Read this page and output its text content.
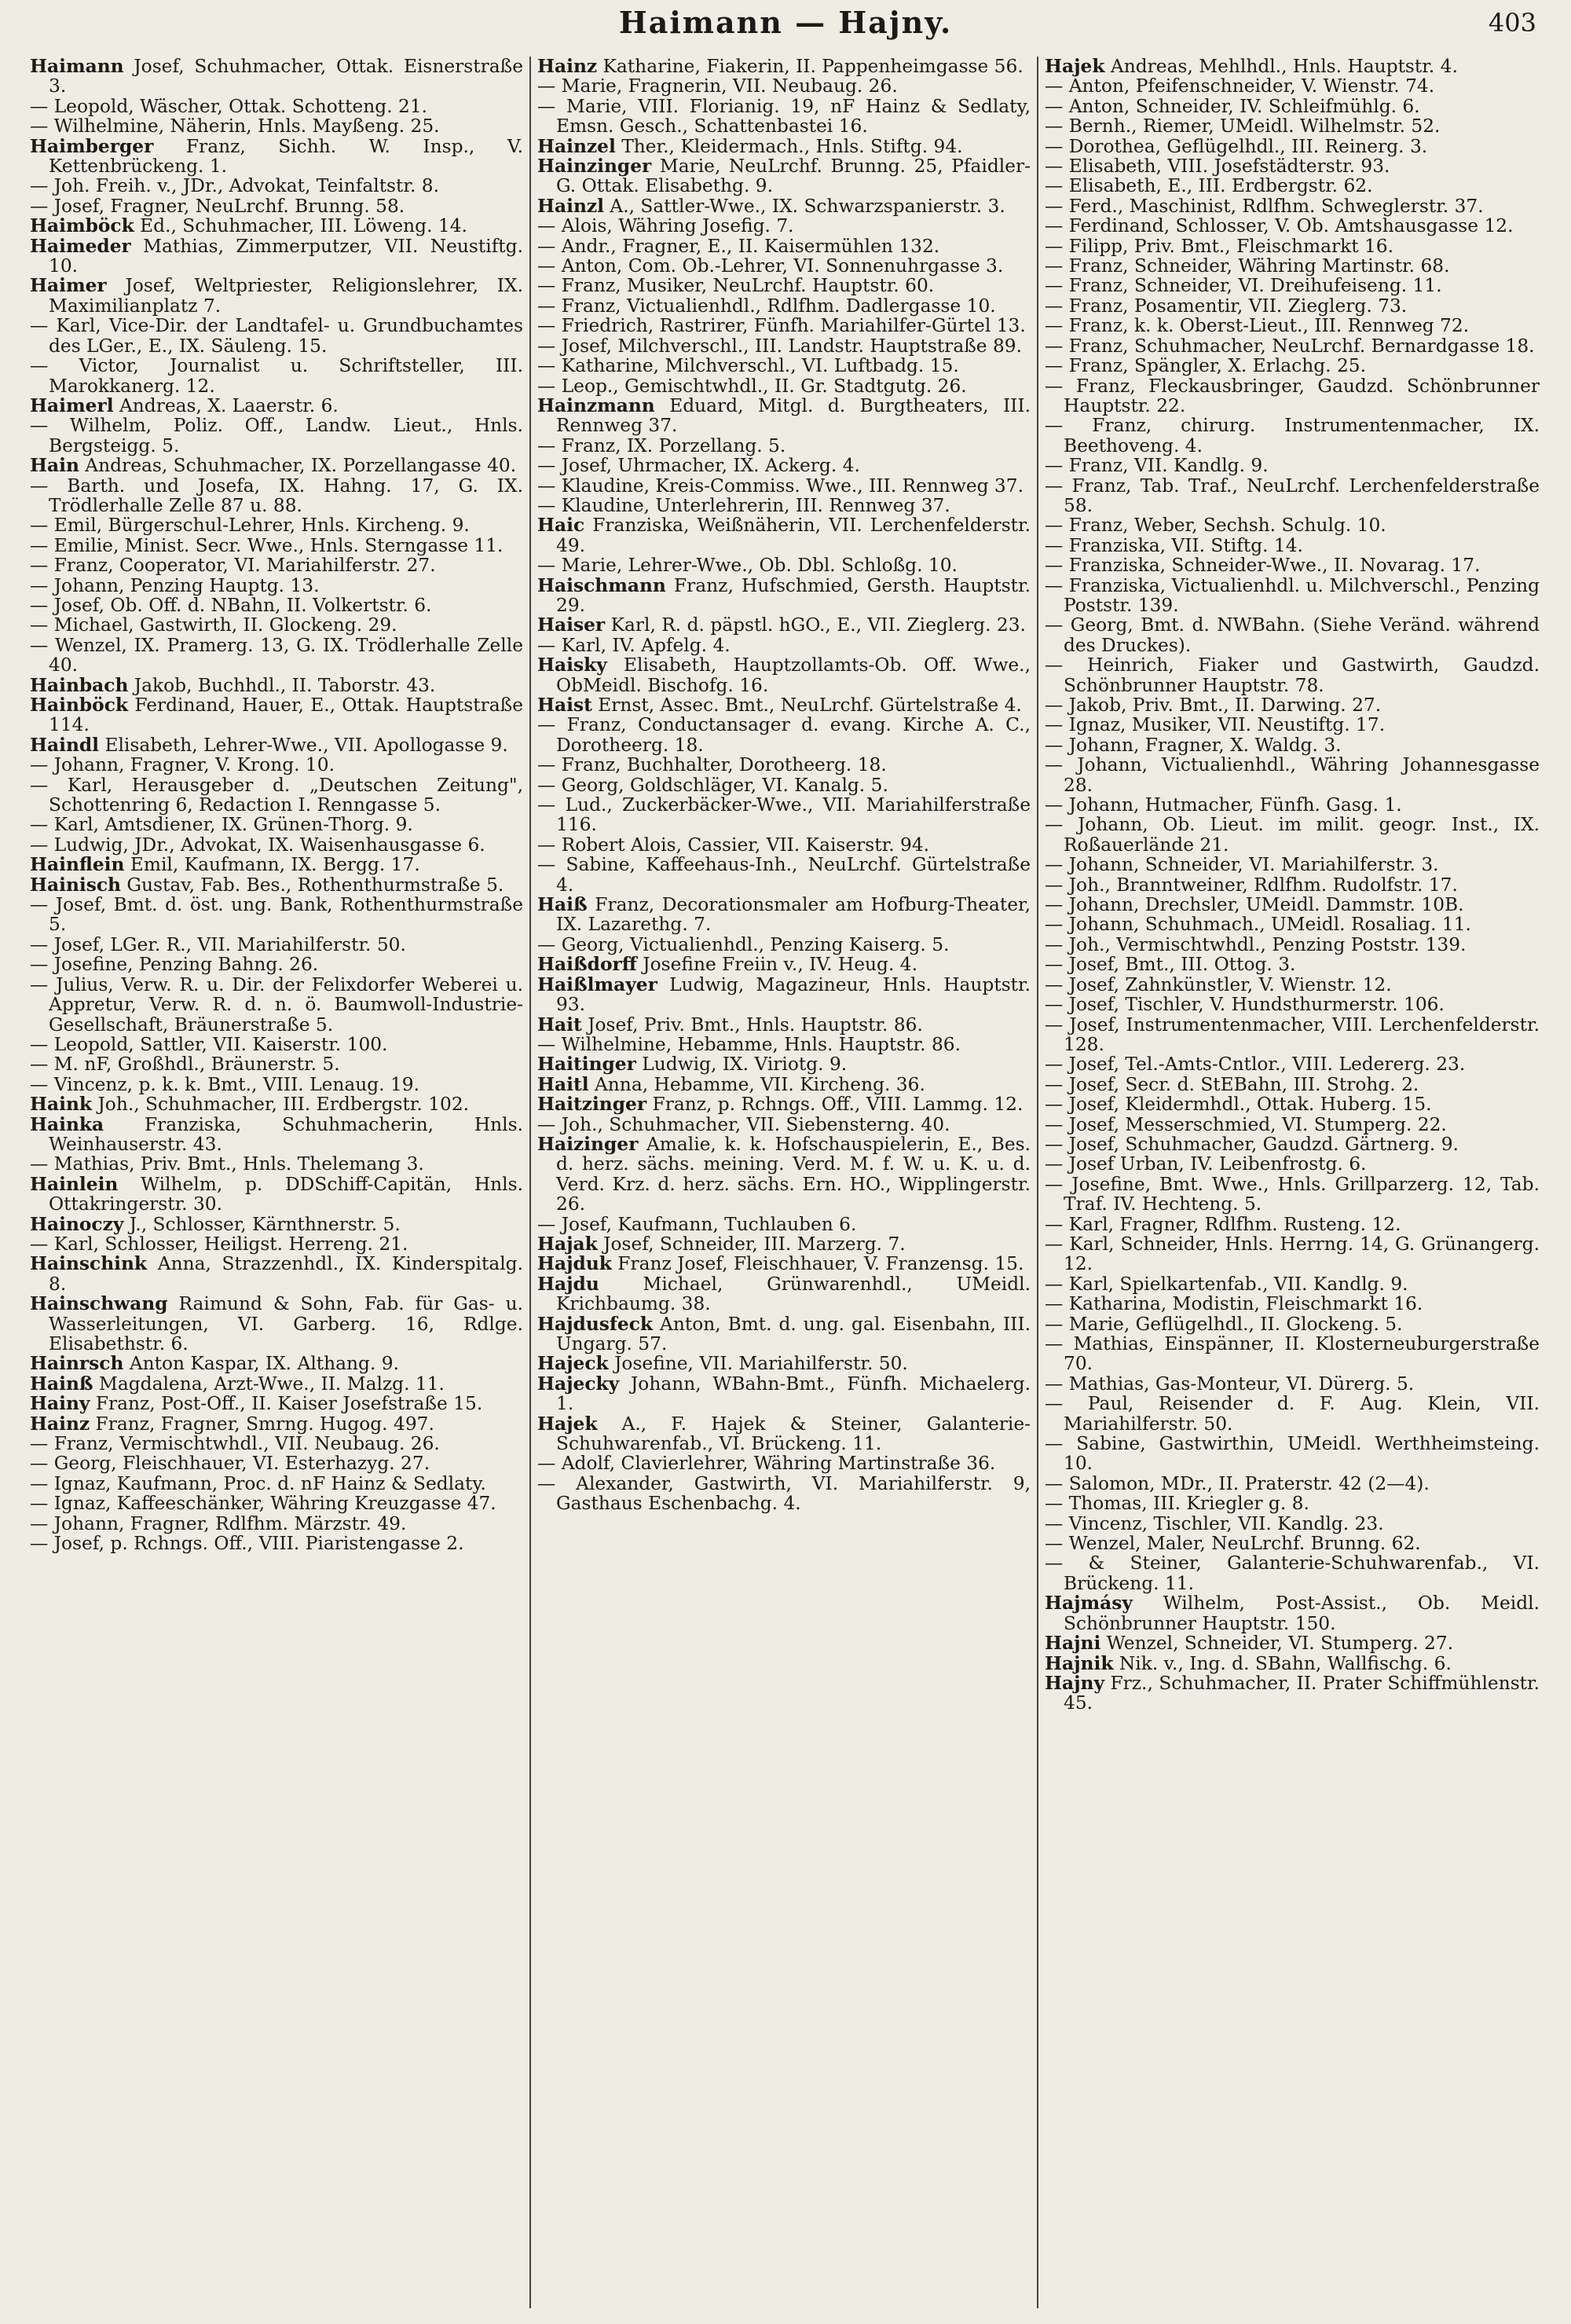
Haimann — Hajny.	403

Haimann Josef, Schuhmacher, Ottak. Eisnerstraße 3.

— Leopold, Wäscher, Ottak. Schotteng. 21.

— Wilhelmine, Näherin, Hnls. Mayßeng. 25.

Haimberger Franz, Sichh. W. Insp., V. Kettenbrückeng. 1.

— Joh. Freih. v., JDr., Advokat, Teinfaltstr. 8.

— Josef, Fragner, NeuLrchf. Brunng. 58.

Haimböck Ed., Schuhmacher, III. Löweng. 14.

Haimeder Mathias, Zimmerputzer, VII. Neustiftg. 10.

Haimer Josef, Weltpriester, Religionslehrer, IX. Maximilianplatz 7.

— Karl, Vice-Dir. der Landtafel- u. Grundbuchamtes des LGer., E., IX. Säuleng. 15.

— Victor, Journalist u. Schriftsteller, III. Marokkanerg. 12.

Haimerl Andreas, X. Laaerstr. 6.

— Wilhelm, Poliz. Off., Landw. Lieut., Hnls. Bergsteigg. 5.

Hain Andreas, Schuhmacher, IX. Porzellangasse 40.

— Barth. und Josefa, IX. Hahng. 17, G. IX. Trödlerhalle Zelle 87 u. 88.

— Emil, Bürgerschul-Lehrer, Hnls. Kircheng. 9.

— Emilie, Minist. Secr. Wwe., Hnls. Sterngasse 11.

— Franz, Cooperator, VI. Mariahilferstr. 27.

— Johann, Penzing Hauptg. 13.

— Josef, Ob. Off. d. NBahn, II. Volkertstr. 6.

— Michael, Gastwirth, II. Glockeng. 29.

— Wenzel, IX. Pramerg. 13, G. IX. Trödlerhalle Zelle 40.

Hainbach Jakob, Buchhdl., II. Taborstr. 43.

Hainböck Ferdinand, Hauer, E., Ottak. Hauptstraße 114.

Haindl Elisabeth, Lehrer-Wwe., VII. Apollogasse 9.

— Johann, Fragner, V. Krong. 10.

— Karl, Herausgeber d. „Deutschen Zeitung", Schottenring 6, Redaction I. Renngasse 5.

— Karl, Amtsdiener, IX. Grünen-Thorg. 9.

— Ludwig, JDr., Advokat, IX. Waisenhausgasse 6.

Hainflein Emil, Kaufmann, IX. Bergg. 17.

Hainisch Gustav, Fab. Bes., Rothenthurmstraße 5.

— Josef, Bmt. d. öst. ung. Bank, Rothenthurmstraße 5.

— Josef, LGer. R., VII. Mariahilferstr. 50.

— Josefine, Penzing Bahng. 26.

— Julius, Verw. R. u. Dir. der Felixdorfer Weberei u. Appretur, Verw. R. d. n. ö. Baumwoll-Industrie-Gesellschaft, Bräunerstraße 5.

— Leopold, Sattler, VII. Kaiserstr. 100.

— M. nF, Großhdl., Bräunerstr. 5.

— Vincenz, p. k. k. Bmt., VIII. Lenaug. 19.

Haink Joh., Schuhmacher, III. Erdbergstr. 102.

Hainka Franziska, Schuhmacherin, Hnls. Weinhauserstr. 43.

— Mathias, Priv. Bmt., Hnls. Thelemang 3.

Hainlein Wilhelm, p. DDSchiff-Capitän, Hnls. Ottakringerstr. 30.

Hainoczy J., Schlosser, Kärnthnerstr. 5.

— Karl, Schlosser, Heiligst. Herreng. 21.

Hainschink Anna, Strazzenhdl., IX. Kinderspitalg. 8.

Hainschwang Raimund & Sohn, Fab. für Gas- u. Wasserleitungen, VI. Garberg. 16, Rdlge. Elisabethstr. 6.

Hainrsch Anton Kaspar, IX. Althang. 9.

Hainß Magdalena, Arzt-Wwe., II. Malzg. 11.

Hainy Franz, Post-Off., II. Kaiser Josefstraße 15.

Hainz Franz, Fragner, Smrng. Hugog. 497.

— Franz, Vermischtwhdl., VII. Neubaug. 26.

— Georg, Fleischhauer, VI. Esterhazyg. 27.

— Ignaz, Kaufmann, Proc. d. nF Hainz & Sedlaty.

— Ignaz, Kaffeeschänker, Währing Kreuzgasse 47.

— Johann, Fragner, Rdlfhm. Märzstr. 49.

— Josef, p. Rchngs. Off., VIII. Piaristengasse 2.

Hainz Katharine, Fiakerin, II. Pappenheimgasse 56.

— Marie, Fragnerin, VII. Neubaug. 26.

— Marie, VIII. Florianig. 19, nF Hainz & Sedlaty, Emsn. Gesch., Schattenbastei 16.

Hainzel Ther., Kleidermach., Hnls. Stiftg. 94.

Hainzinger Marie, NeuLrchf. Brunng. 25, Pfaidler-G. Ottak. Elisabethg. 9.

Hainzl A., Sattler-Wwe., IX. Schwarzspanierstr. 3.

— Alois, Währing Josefig. 7.

— Andr., Fragner, E., II. Kaisermühlen 132.

— Anton, Com. Ob.-Lehrer, VI. Sonnenuhrgasse 3.

— Franz, Musiker, NeuLrchf. Hauptstr. 60.

— Franz, Victualienhdl., Rdlfhm. Dadlergasse 10.

— Friedrich, Rastrirer, Fünfh. Mariahilfer-Gürtel 13.

— Josef, Milchverschl., III. Landstr. Hauptstraße 89.

— Katharine, Milchverschl., VI. Luftbadg. 15.

— Leop., Gemischtwhdl., II. Gr. Stadtgutg. 26.

Hainzmann Eduard, Mitgl. d. Burgtheaters, III. Rennweg 37.

— Franz, IX. Porzellang. 5.

— Josef, Uhrmacher, IX. Ackerg. 4.

— Klaudine, Kreis-Commiss. Wwe., III. Rennweg 37.

— Klaudine, Unterlehrerin, III. Rennweg 37.

Haic Franziska, Weißnäherin, VII. Lerchenfelderstr. 49.

— Marie, Lehrer-Wwe., Ob. Dbl. Schloßg. 10.

Haischmann Franz, Hufschmied, Gersth. Hauptstr. 29.

Haiser Karl, R. d. päpstl. hGO., E., VII. Zieglerg. 23.

— Karl, IV. Apfelg. 4.

Haisky Elisabeth, Hauptzollamts-Ob. Off. Wwe., ObMeidl. Bischofg. 16.

Haist Ernst, Assec. Bmt., NeuLrchf. Gürtelstraße 4.

— Franz, Conductansager d. evang. Kirche A. C., Dorotheerg. 18.

— Franz, Buchhalter, Dorotheerg. 18.

— Georg, Goldschläger, VI. Kanalg. 5.

— Lud., Zuckerbäcker-Wwe., VII. Mariahilferstraße 116.

— Robert Alois, Cassier, VII. Kaiserstr. 94.

— Sabine, Kaffeehaus-Inh., NeuLrchf. Gürtelstraße 4.

Haiß Franz, Decorationsmaler am Hofburg-Theater, IX. Lazarethg. 7.

— Georg, Victualienhdl., Penzing Kaiserg. 5.

Haißdorff Josefine Freiin v., IV. Heug. 4.

Haißlmayer Ludwig, Magazineur, Hnls. Hauptstr. 93.

Hait Josef, Priv. Bmt., Hnls. Hauptstr. 86.

— Wilhelmine, Hebamme, Hnls. Hauptstr. 86.

Haitinger Ludwig, IX. Viriotg. 9.

Haitl Anna, Hebamme, VII. Kircheng. 36.

Haitzinger Franz, p. Rchngs. Off., VIII. Lammg. 12.

— Joh., Schuhmacher, VII. Siebensterng. 40.

Haizinger Amalie, k. k. Hofschauspielerin, E., Bes. d. herz. sächs. meining. Verd. M. f. W. u. K. u. d. Verd. Krz. d. herz. sächs. Ern. HO., Wipplingerstr. 26.

— Josef, Kaufmann, Tuchlauben 6.

Hajak Josef, Schneider, III. Marzerg. 7.

Hajduk Franz Josef, Fleischhauer, V. Franzensg. 15.

Hajdu Michael, Grünwarenhdl., UMeidl. Krichbaumg. 38.

Hajdusfeck Anton, Bmt. d. ung. gal. Eisenbahn, III. Ungarg. 57.

Hajeck Josefine, VII. Mariahilferstr. 50.

Hajecky Johann, WBahn-Bmt., Fünfh. Michaelerg. 1.

Hajek A., F. Hajek & Steiner, Galanterie-Schuhwarenfab., VI. Brückeng. 11.

— Adolf, Clavierlehrer, Währing Martinstraße 36.

— Alexander, Gastwirth, VI. Mariahilferstr. 9, Gasthaus Eschenbachg. 4.

Hajek Andreas, Mehlhdl., Hnls. Hauptstr. 4.

— Anton, Pfeifenschneider, V. Wienstr. 74.

— Anton, Schneider, IV. Schleifmühlg. 6.

— Bernh., Riemer, UMeidl. Wilhelmstr. 52.

— Dorothea, Geflügelhdl., III. Reinerg. 3.

— Elisabeth, VIII. Josefstädterstr. 93.

— Elisabeth, E., III. Erdbergstr. 62.

— Ferd., Maschinist, Rdlfhm. Schweglerstr. 37.

— Ferdinand, Schlosser, V. Ob. Amtshausgasse 12.

— Filipp, Priv. Bmt., Fleischmarkt 16.

— Franz, Schneider, Währing Martinstr. 68.

— Franz, Schneider, VI. Dreihufeiseng. 11.

— Franz, Posamentir, VII. Zieglerg. 73.

— Franz, k. k. Oberst-Lieut., III. Rennweg 72.

— Franz, Schuhmacher, NeuLrchf. Bernardgasse 18.

— Franz, Spängler, X. Erlachg. 25.

— Franz, Fleckausbringer, Gaudzd. Schönbrunner Hauptstr. 22.

— Franz, chirurg. Instrumentenmacher, IX. Beethoveng. 4.

— Franz, VII. Kandlg. 9.

— Franz, Tab. Traf., NeuLrchf. Lerchenfelderstraße 58.

— Franz, Weber, Sechsh. Schulg. 10.

— Franziska, VII. Stiftg. 14.

— Franziska, Schneider-Wwe., II. Novarag. 17.

— Franziska, Victualienhdl. u. Milchverschl., Penzing Poststr. 139.

— Georg, Bmt. d. NWBahn. (Siehe Veränd. während des Druckes).

— Heinrich, Fiaker und Gastwirth, Gaudzd. Schönbrunner Hauptstr. 78.

— Jakob, Priv. Bmt., II. Darwing. 27.

— Ignaz, Musiker, VII. Neustiftg. 17.

— Johann, Fragner, X. Waldg. 3.

— Johann, Victualienhdl., Währing Johannesgasse 28.

— Johann, Hutmacher, Fünfh. Gasg. 1.

— Johann, Ob. Lieut. im milit. geogr. Inst., IX. Roßauerlände 21.

— Johann, Schneider, VI. Mariahilferstr. 3.

— Joh., Branntweiner, Rdlfhm. Rudolfstr. 17.

— Johann, Drechsler, UMeidl. Dammstr. 10B.

— Johann, Schuhmach., UMeidl. Rosaliag. 11.

— Joh., Vermischtwhdl., Penzing Poststr. 139.

— Josef, Bmt., III. Ottog. 3.

— Josef, Zahnkünstler, V. Wienstr. 12.

— Josef, Tischler, V. Hundsthurmerstr. 106.

— Josef, Instrumentenmacher, VIII. Lerchenfelderstr. 128.

— Josef, Tel.-Amts-Cntlor., VIII. Ledererg. 23.

— Josef, Secr. d. StEBahn, III. Strohg. 2.

— Josef, Kleidermhdl., Ottak. Huberg. 15.

— Josef, Messerschmied, VI. Stumperg. 22.

— Josef, Schuhmacher, Gaudzd. Gärtnerg. 9.

— Josef Urban, IV. Leibenfrostg. 6.

— Josefine, Bmt. Wwe., Hnls. Grillparzerg. 12, Tab. Traf. IV. Hechteng. 5.

— Karl, Fragner, Rdlfhm. Rusteng. 12.

— Karl, Schneider, Hnls. Herrng. 14, G. Grünangerg. 12.

— Karl, Spielkartenfab., VII. Kandlg. 9.

— Katharina, Modistin, Fleischmarkt 16.

— Marie, Geflügelhdl., II. Glockeng. 5.

— Mathias, Einspänner, II. Klosterneuburgerstraße 70.

— Mathias, Gas-Monteur, VI. Dürerg. 5.

— Paul, Reisender d. F. Aug. Klein, VII. Mariahilferstr. 50.

— Sabine, Gastwirthin, UMeidl. Werthheimsteing. 10.

— Salomon, MDr., II. Praterstr. 42 (2—4).

— Thomas, III. Kriegler g. 8.

— Vincenz, Tischler, VII. Kandlg. 23.

— Wenzel, Maler, NeuLrchf. Brunng. 62.

— & Steiner, Galanterie-Schuhwarenfab., VI. Brückeng. 11.

Hajmásy Wilhelm, Post-Assist., Ob. Meidl. Schönbrunner Hauptstr. 150.

Hajni Wenzel, Schneider, VI. Stumperg. 27.

Hajnik Nik. v., Ing. d. SBahn, Wallfischg. 6.

Hajny Frz., Schuhmacher, II. Prater Schiffmühlenstr. 45.
